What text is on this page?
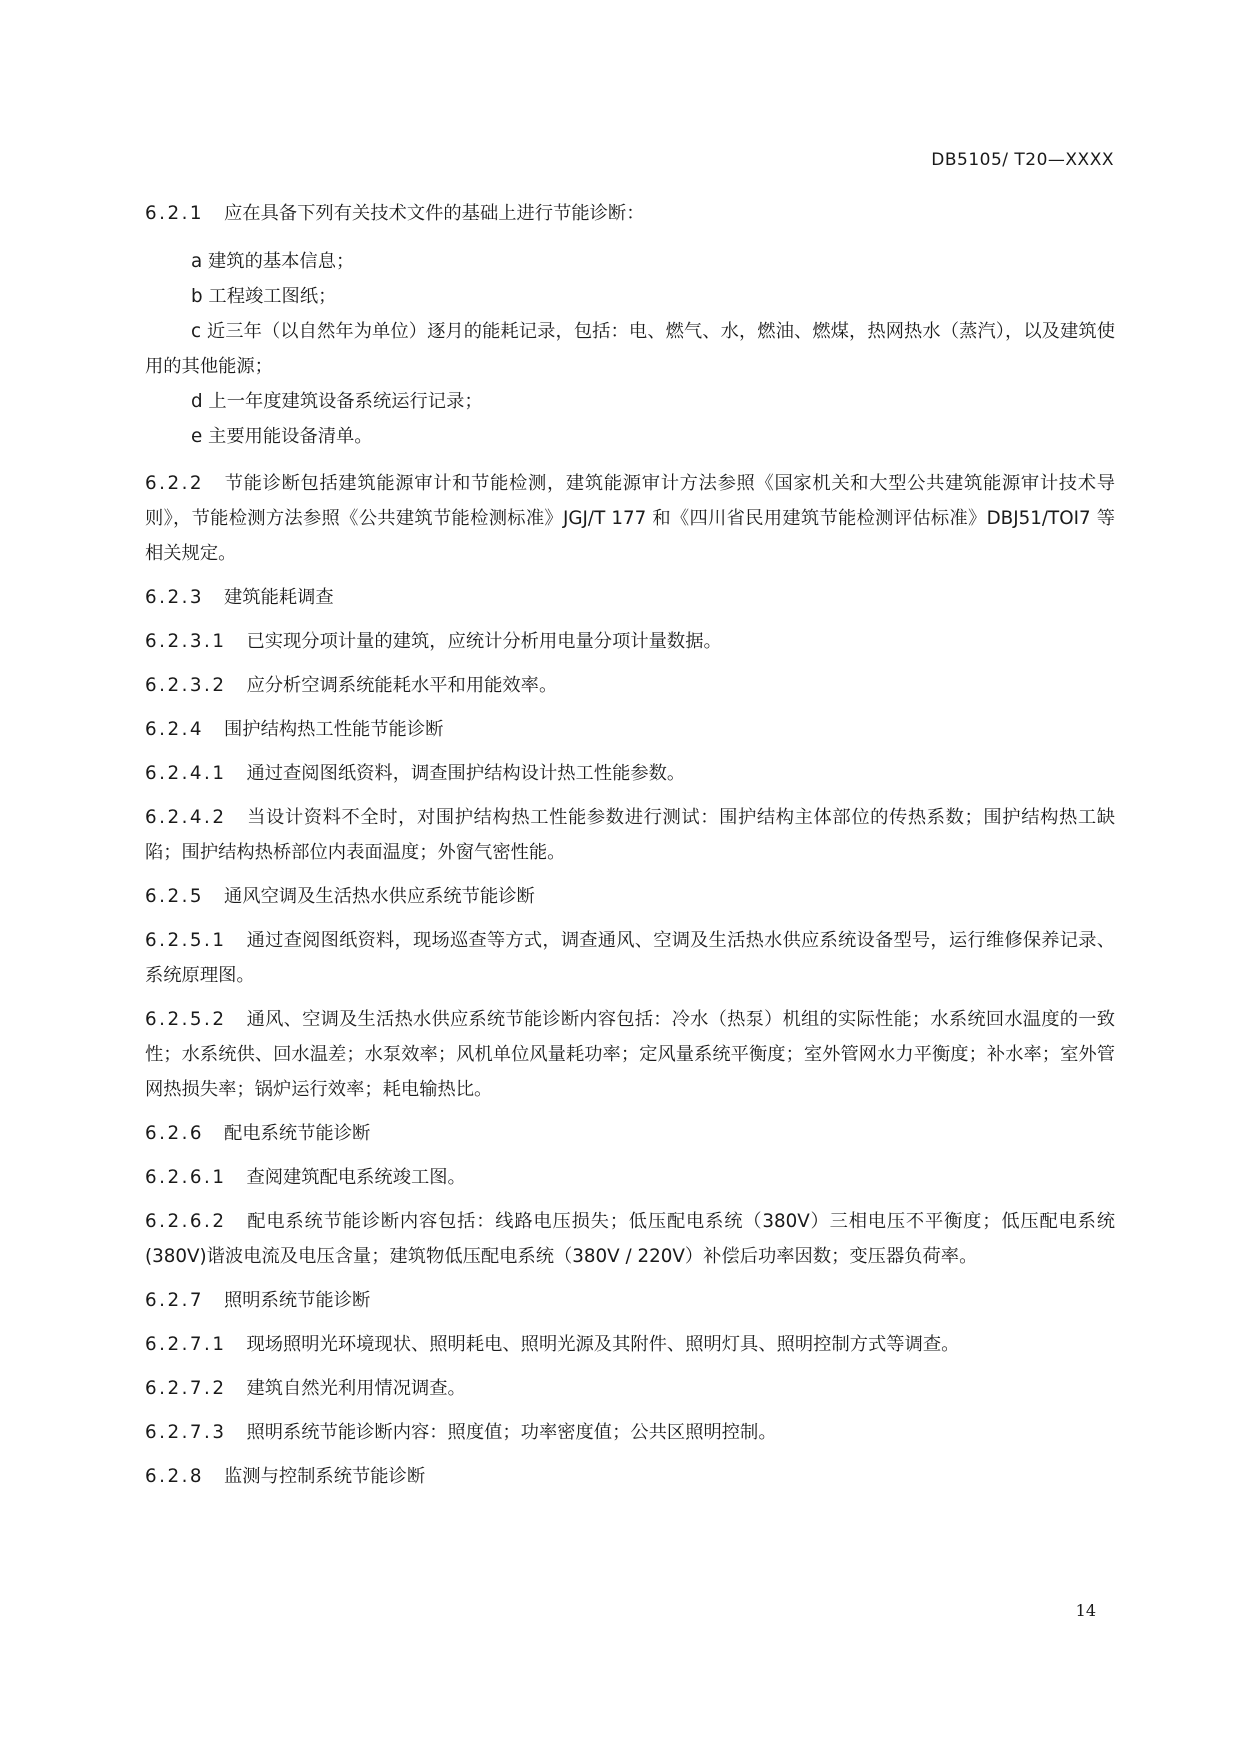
DB5105/ T20—XXXX

6.2.1 应在具备下列有关技术文件的基础上进行节能诊断：

a 建筑的基本信息；

b 工程竣工图纸；

c 近三年（以自然年为单位）逐月的能耗记录，包括：电、燃气、水，燃油、燃煤，热网热水（蒸汽），以及建筑使用的其他能源；

d 上一年度建筑设备系统运行记录；

e 主要用能设备清单。

6.2.2 节能诊断包括建筑能源审计和节能检测，建筑能源审计方法参照《国家机关和大型公共建筑能源审计技术导则》，节能检测方法参照《公共建筑节能检测标准》JGJ/T 177 和《四川省民用建筑节能检测评估标准》DBJ51/TOI7 等相关规定。

6.2.3 建筑能耗调查

6.2.3.1 已实现分项计量的建筑，应统计分析用电量分项计量数据。

6.2.3.2 应分析空调系统能耗水平和用能效率。

6.2.4 围护结构热工性能节能诊断

6.2.4.1 通过查阅图纸资料，调查围护结构设计热工性能参数。

6.2.4.2 当设计资料不全时，对围护结构热工性能参数进行测试：围护结构主体部位的传热系数；围护结构热工缺陷；围护结构热桥部位内表面温度；外窗气密性能。

6.2.5 通风空调及生活热水供应系统节能诊断

6.2.5.1 通过查阅图纸资料，现场巡查等方式，调查通风、空调及生活热水供应系统设备型号，运行维修保养记录、系统原理图。

6.2.5.2 通风、空调及生活热水供应系统节能诊断内容包括：冷水（热泵）机组的实际性能；水系统回水温度的一致性；水系统供、回水温差；水泵效率；风机单位风量耗功率；定风量系统平衡度；室外管网水力平衡度；补水率；室外管网热损失率；锅炉运行效率；耗电输热比。

6.2.6 配电系统节能诊断

6.2.6.1 查阅建筑配电系统竣工图。

6.2.6.2 配电系统节能诊断内容包括：线路电压损失；低压配电系统（380V）三相电压不平衡度；低压配电系统(380V)谐波电流及电压含量；建筑物低压配电系统（380V / 220V）补偿后功率因数；变压器负荷率。

6.2.7 照明系统节能诊断

6.2.7.1 现场照明光环境现状、照明耗电、照明光源及其附件、照明灯具、照明控制方式等调查。

6.2.7.2 建筑自然光利用情况调查。

6.2.7.3 照明系统节能诊断内容：照度值；功率密度值；公共区照明控制。

6.2.8 监测与控制系统节能诊断

14
